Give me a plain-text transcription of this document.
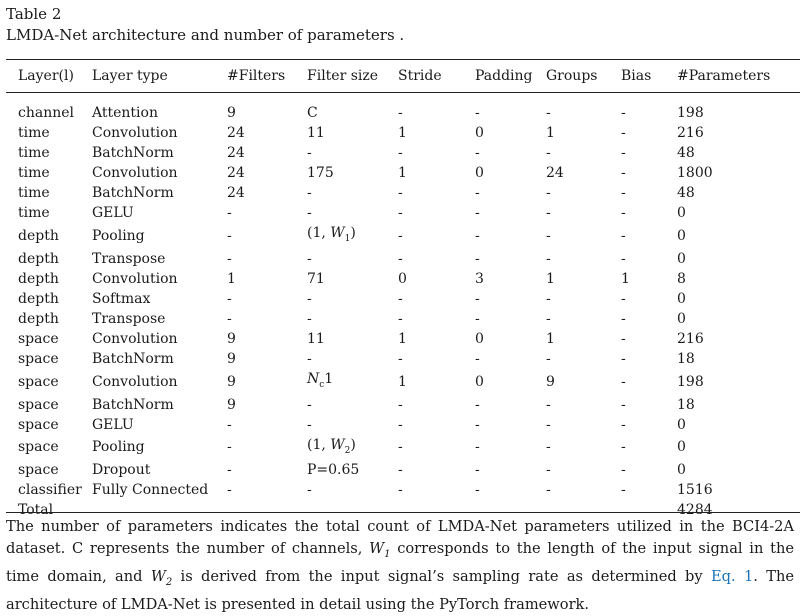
Table 2
LMDA-Net architecture and number of parameters .
Layer(l)	Layer type	#Filters	Filter size	Stride	Padding	Groups	Bias	#Parameters
channel	Attention	9	C	-	-	-	-	198
time	Convolution	24	11	1	0	1	-	216
time	BatchNorm	24	-	-	-	-	-	48
time	Convolution	24	175	1	0	24	-	1800
time	BatchNorm	24	-	-	-	-	-	48
time	GELU	-	-	-	-	-	-	0
depth	Pooling	-	(1, $W_1$)	-	-	-	-	0
depth	Transpose	-	-	-	-	-	-	0
depth	Convolution	1	71	0	3	1	1	8
depth	Softmax	-	-	-	-	-	-	0
depth	Transpose	-	-	-	-	-	-	0
space	Convolution	9	11	1	0	1	-	216
space	BatchNorm	9	-	-	-	-	-	18
space	Convolution	9	$N_c1$	1	0	9	-	198
space	BatchNorm	9	-	-	-	-	-	18
space	GELU	-	-	-	-	-	-	0
space	Pooling	-	(1, $W_2$)	-	-	-	-	0
space	Dropout	-	P=0.65	-	-	-	-	0
classifier	Fully Connected	-	-	-	-	-	-	1516
Total								4284
The number of parameters indicates the total count of LMDA-Net parameters utilized in the BCI4-2A dataset. C represents the number of channels, $W_1$ corresponds to the length of the input signal in the time domain, and $W_2$ is derived from the input signal’s sampling rate as determined by Eq. 1. The architecture of LMDA-Net is presented in detail using the PyTorch framework.
